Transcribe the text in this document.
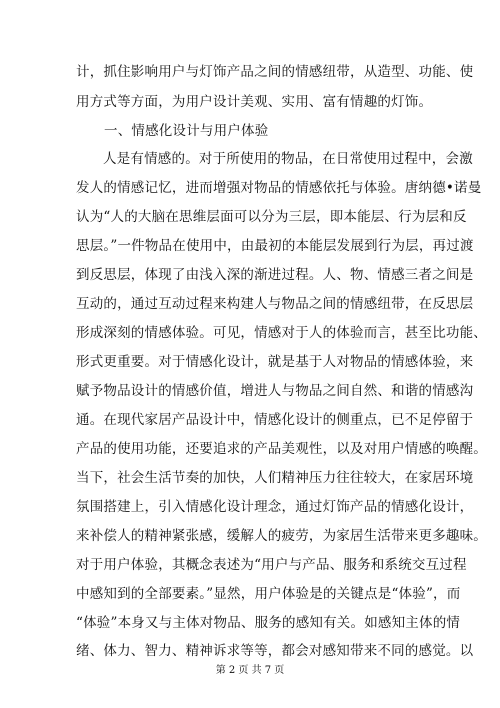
计，抓住影响用户与灯饰产品之间的情感纽带，从造型、功能、使
用方式等方面，为用户设计美观、实用、富有情趣的灯饰。
一、情感化设计与用户体验
人是有情感的。对于所使用的物品，在日常使用过程中，会激
发人的情感记忆，进而增强对物品的情感依托与体验。唐纳德•诺曼
认为“人的大脑在思维层面可以分为三层，即本能层、行为层和反
思层。”一件物品在使用中，由最初的本能层发展到行为层，再过渡
到反思层，体现了由浅入深的渐进过程。人、物、情感三者之间是
互动的，通过互动过程来构建人与物品之间的情感纽带，在反思层
形成深刻的情感体验。可见，情感对于人的体验而言，甚至比功能、
形式更重要。对于情感化设计，就是基于人对物品的情感体验，来
赋予物品设计的情感价值，增进人与物品之间自然、和谐的情感沟
通。在现代家居产品设计中，情感化设计的侧重点，已不足停留于
产品的使用功能，还要追求的产品美观性，以及对用户情感的唤醒。
当下，社会生活节奏的加快，人们精神压力往往较大，在家居环境
氛围搭建上，引入情感化设计理念，通过灯饰产品的情感化设计，
来补偿人的精神紧张感，缓解人的疲劳，为家居生活带来更多趣味。
对于用户体验，其概念表述为“用户与产品、服务和系统交互过程
中感知到的全部要素。”显然，用户体验是的关键点是“体验”，而
“体验”本身又与主体对物品、服务的感知有关。如感知主体的情
绪、体力、智力、精神诉求等等，都会对感知带来不同的感觉。以
第 2 页 共 7 页
